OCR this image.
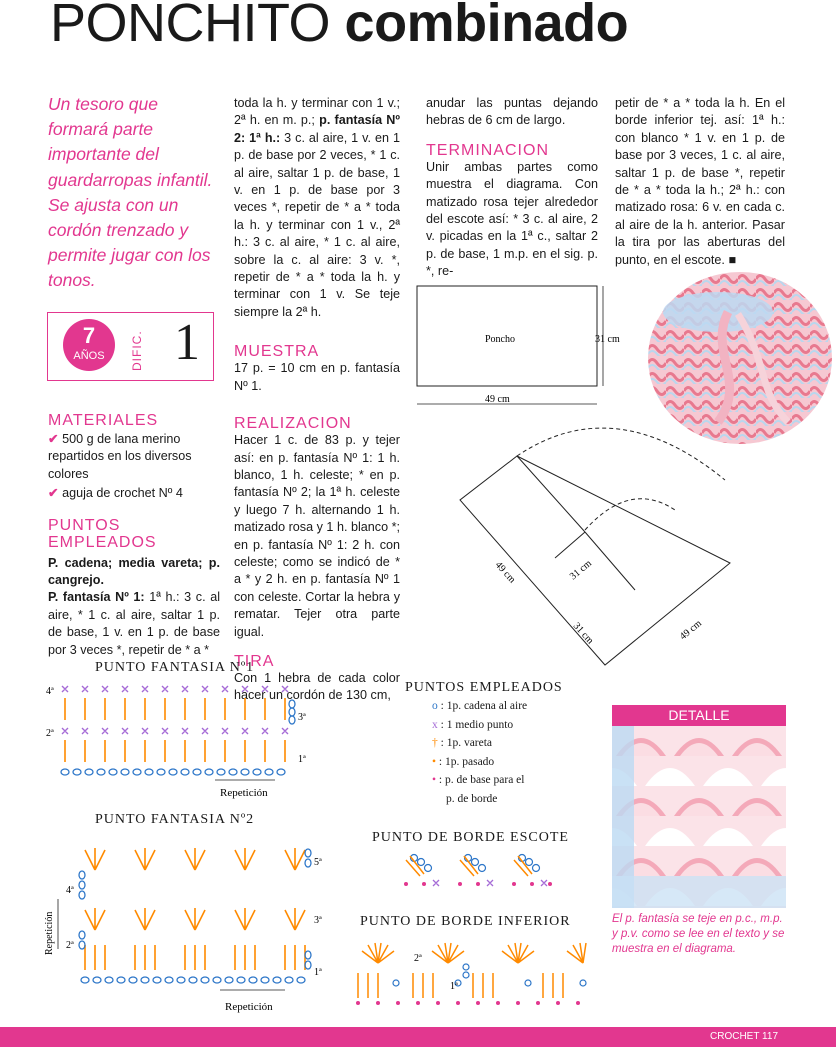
PONCHITO combinado

Un tesoro que formará parte importante del guardarropas infantil. Se ajusta con un cordón trenzado y permite jugar con los tonos.

7
AÑOS	DIFIC. 1
MATERIALES

✔ 500 g de lana merino repartidos en los diversos colores

✔ aguja de crochet Nº 4

PUNTOS
EMPLEADOS

P. cadena; media vareta; p. cangrejo.

P. fantasía Nº 1: 1ª h.: 3 c. al aire, * 1 c. al aire, saltar 1 p. de base, 1 v. en 1 p. de base por 3 veces *, repetir de * a *

toda la h. y terminar con 1 v.; 2ª h. en m. p.; p. fantasía Nº 2: 1ª h.: 3 c. al aire, 1 v. en 1 p. de base por 2 veces, * 1 c. al aire, saltar 1 p. de base, 1 v. en 1 p. de base por 3 veces *, repetir de * a * toda la h. y terminar con 1 v., 2ª h.: 3 c. al aire, * 1 c. al aire, sobre la c. al aire: 3 v. *, repetir de * a * toda la h. y terminar con 1 v. Se teje siempre la 2ª h.

MUESTRA

17 p. = 10 cm en p. fantasía Nº 1.

REALIZACION

Hacer 1 c. de 83 p. y tejer así: en p. fantasía Nº 1: 1 h. blanco, 1 h. celeste; * en p. fantasía Nº 2; la 1ª h. celeste y luego 7 h. alternando 1 h. matizado rosa y 1 h. blanco *; en p. fantasía Nº 1: 2 h. con celeste; como se indicó de * a * y 2 h. en p. fantasía Nº 1 con celeste. Cortar la hebra y rematar. Tejer otra parte igual.

TIRA

Con 1 hebra de cada color hacer un cordón de 130 cm,

anudar las puntas dejando hebras de 6 cm de largo.

TERMINACION

Unir ambas partes como muestra el diagrama. Con matizado rosa tejer alrededor del escote así: * 3 c. al aire, 2 v. picadas en la 1ª c., saltar 2 p. de base, 1 m.p. en el sig. p. *, re-

petir de * a * toda la h. En el borde inferior tej. así: 1ª h.: con blanco * 1 v. en 1 p. de base por 3 veces, 1 c. al aire, saltar 1 p. de base *, repetir de * a * toda la h.; 2ª h.: con matizado rosa: 6 v. en cada c. al aire de la h. anterior. Pasar la tira por las aberturas del punto, en el escote. ■

Poncho	31 cm
49 cm
49 cm	31 cm
31 cm	49 cm
PUNTO FANTASIA Nº1
4ª
2ª
3ª
1ª
Repetición
PUNTO FANTASIA Nº2
5ª
4ª
3ª
2ª
1ª
Repetición
Repetición
PUNTOS EMPLEADOS
o : 1p. cadena al aire
x : 1 medio punto
† : 1p. vareta
• : 1p. pasado
• : p. de base para el
p. de borde
PUNTO DE BORDE ESCOTE
PUNTO DE BORDE INFERIOR
2ª
1ª
DETALLE
El p. fantasía se teje en p.c., m.p. y p.v. como se lee en el texto y se muestra en el diagrama.
CROCHET 117
